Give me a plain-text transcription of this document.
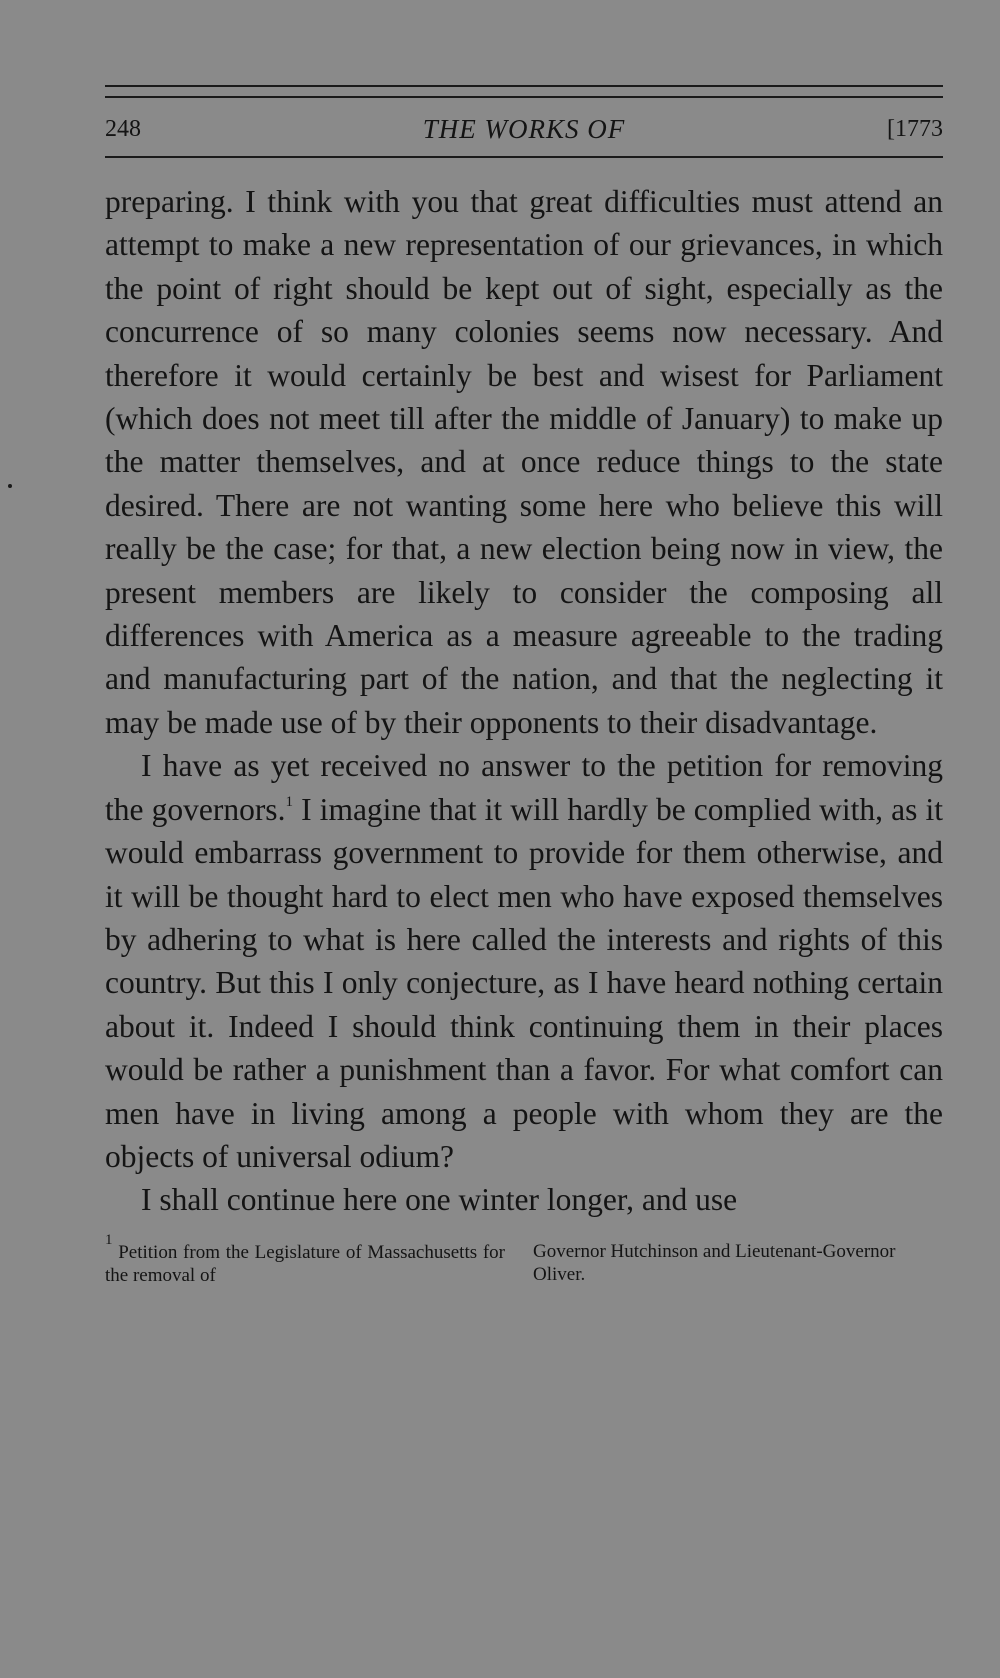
248	THE WORKS OF	[1773

preparing. I think with you that great difficulties must attend an attempt to make a new representation of our grievances, in which the point of right should be kept out of sight, especially as the concurrence of so many colonies seems now necessary. And therefore it would certainly be best and wisest for Parliament (which does not meet till after the middle of January) to make up the matter themselves, and at once reduce things to the state desired. There are not wanting some here who believe this will really be the case; for that, a new election being now in view, the present members are likely to consider the composing all differences with America as a measure agreeable to the trading and manufacturing part of the nation, and that the neglecting it may be made use of by their opponents to their disadvantage.

I have as yet received no answer to the petition for removing the governors.$^1$ I imagine that it will hardly be complied with, as it would embarrass government to provide for them otherwise, and it will be thought hard to elect men who have exposed themselves by adhering to what is here called the interests and rights of this country. But this I only conjecture, as I have heard nothing certain about it. Indeed I should think continuing them in their places would be rather a punishment than a favor. For what comfort can men have in living among a people with whom they are the objects of universal odium?

I shall continue here one winter longer, and use

$^1$ Petition from the Legislature of Massachusetts for the removal of
Governor Hutchinson and Lieutenant-Governor Oliver.
